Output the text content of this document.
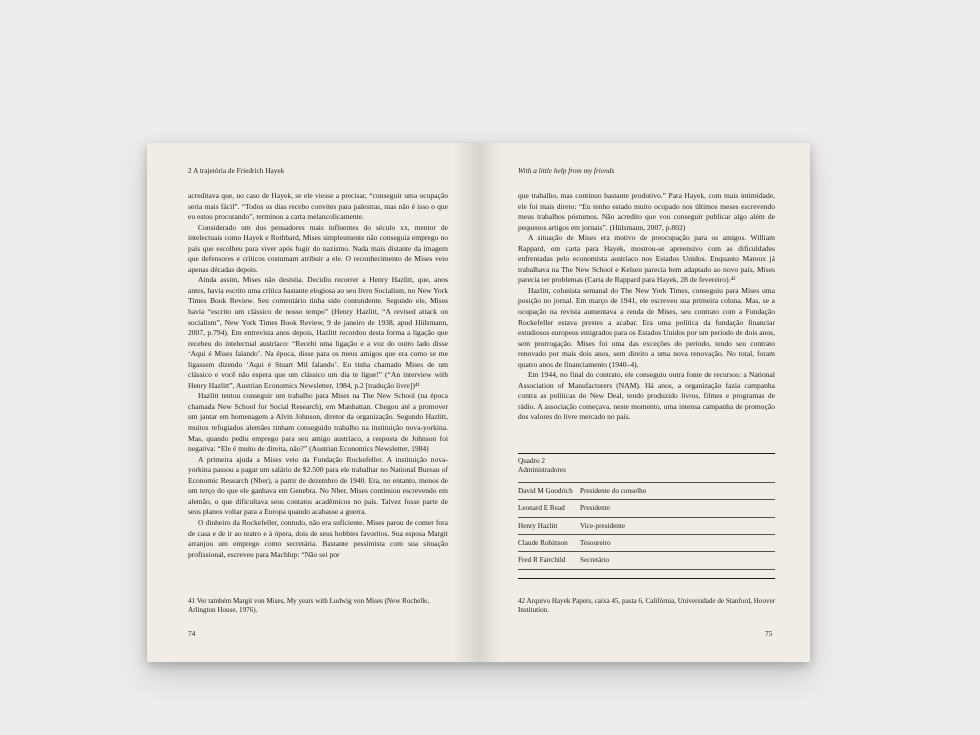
2 A trajetória de Friedrich Hayek

acreditava que, no caso de Hayek, se ele viesse a precisar, “conseguir uma ocupação seria mais fácil”. “Todos os dias recebo convites para palestras, mas não é isso o que eu estou procurando”, terminou a carta melancolicamente.

Considerado um dos pensadores mais influentes do século xx, mentor de intelectuais como Hayek e Rothbard, Mises simplesmente não conseguia emprego no país que escolheu para viver após fugir do nazismo. Nada mais distante da imagem que defensores e críticos costumam atribuir a ele. O reconhecimento de Mises veio apenas décadas depois.

Ainda assim, Mises não desistia. Decidiu recorrer a Henry Hazlitt, que, anos antes, havia escrito uma crítica bastante elogiosa ao seu livro Socialism, no New York Times Book Review. Seu comentário tinha sido contundente. Segundo ele, Mises havia “escrito um clássico de nosso tempo” (Henry Hazlitt, “A revised attack on socialism”, New York Times Book Review, 9 de janeiro de 1938, apud Hülsmann, 2007, p.794). Em entrevista anos depois, Hazlitt recordou desta forma a ligação que recebeu do intelectual austríaco: “Recebi uma ligação e a voz do outro lado disse ‘Aqui é Mises falando’. Na época, disse para os meus amigos que era como se me ligassem dizendo ‘Aqui é Stuart Mil falando’. Eu tinha chamado Mises de um clássico e você não espera que um clássico um dia te ligue!” (“An interview with Henry Hazlitt”, Austrian Economics Newsletter, 1984, p.2 [tradução livre])⁴¹

Hazlitt tentou conseguir um trabalho para Mises na The New School (na época chamada New School for Social Research), em Manhattan. Chegou até a promover um jantar em homenagem a Alvin Johnson, diretor da organização. Segundo Hazlitt, muitos refugiados alemães tinham conseguido trabalho na instituição nova-yorkina. Mas, quando pediu emprego para seu amigo austríaco, a resposta de Johnson foi negativa: “Ele é muito de direita, não?” (Austrian Economics Newsletter, 1984)

A primeira ajuda a Mises veio da Fundação Rockefeller. A instituição nova-yorkina passou a pagar um salário de $2.500 para ele trabalhar no National Bureau of Economic Research (Nber), a partir de dezembro de 1940. Era, no entanto, menos de um terço do que ele ganhava em Genebra. No Nber, Mises continuou escrevendo em alemão, o que dificultava seus contatos acadêmicos no país. Talvez fosse parte de seus planos voltar para a Europa quando acabasse a guerra.

O dinheiro da Rockefeller, contudo, não era suficiente. Mises parou de comer fora de casa e de ir ao teatro e à ópera, dois de seus hobbies favoritos. Sua esposa Margit arranjou um emprego como secretária. Bastante pessimista com sua situação profissional, escreveu para Machlup: “Não sei por

41 Ver também Margit von Mises, My years with Ludwig von Mises (New Rochelle, Arlington House, 1976).
74
With a little help from my friends

que trabalho, mas continuo bastante produtivo.” Para Hayek, com mais intimidade, ele foi mais direto: “Eu tenho estado muito ocupado nos últimos meses escrevendo meus trabalhos póstumos. Não acredito que vou conseguir publicar algo além de pequenos artigos em jornais”. (Hülsmann, 2007, p.802)

A situação de Mises era motivo de preocupação para os amigos. William Rappard, em carta para Hayek, mostrou-se apreensivo com as dificuldades enfrentadas pelo economista austríaco nos Estados Unidos. Enquanto Matoux já trabalhava na The New School e Kelsen parecia bem adaptado ao novo país, Mises parecia ter problemas (Carta de Rappard para Hayek, 28 de fevereiro).⁴²

Hazlitt, colunista semanal do The New York Times, conseguiu para Mises uma posição no jornal. Em março de 1941, ele escreveu sua primeira coluna. Mas, se a ocupação na revista aumentava a renda de Mises, seu contrato com a Fundação Rockefeller estava prestes a acabar. Era uma política da fundação financiar estudiosos europeus emigrados para os Estados Unidos por um período de dois anos, sem prorrogação. Mises foi uma das exceções do período, tendo seu contrato renovado por mais dois anos, sem direito a uma nova renovação. No total, foram quatro anos de financiamento (1940–4).

Em 1944, no final do contrato, ele conseguiu outra fonte de recursos: a National Association of Manufacturers (NAM). Há anos, a organização fazia campanha contra as políticas do New Deal, tendo produzido livros, filmes e programas de rádio. A associação começava, neste momento, uma intensa campanha de promoção dos valores do livre mercado no país.

Quadro 2
Administradores
David M Goodrich	Presidente do conselho
Leonard E Read	Presidente
Henry Hazlitt	Vice-presidente
Claude Robinson	Tesoureiro
Fred R Fairchild	Secretário
42 Arquivo Hayek Papers, caixa 45, pasta 6, Califórnia, Universidade de Stanford, Hoover Institution.
75
